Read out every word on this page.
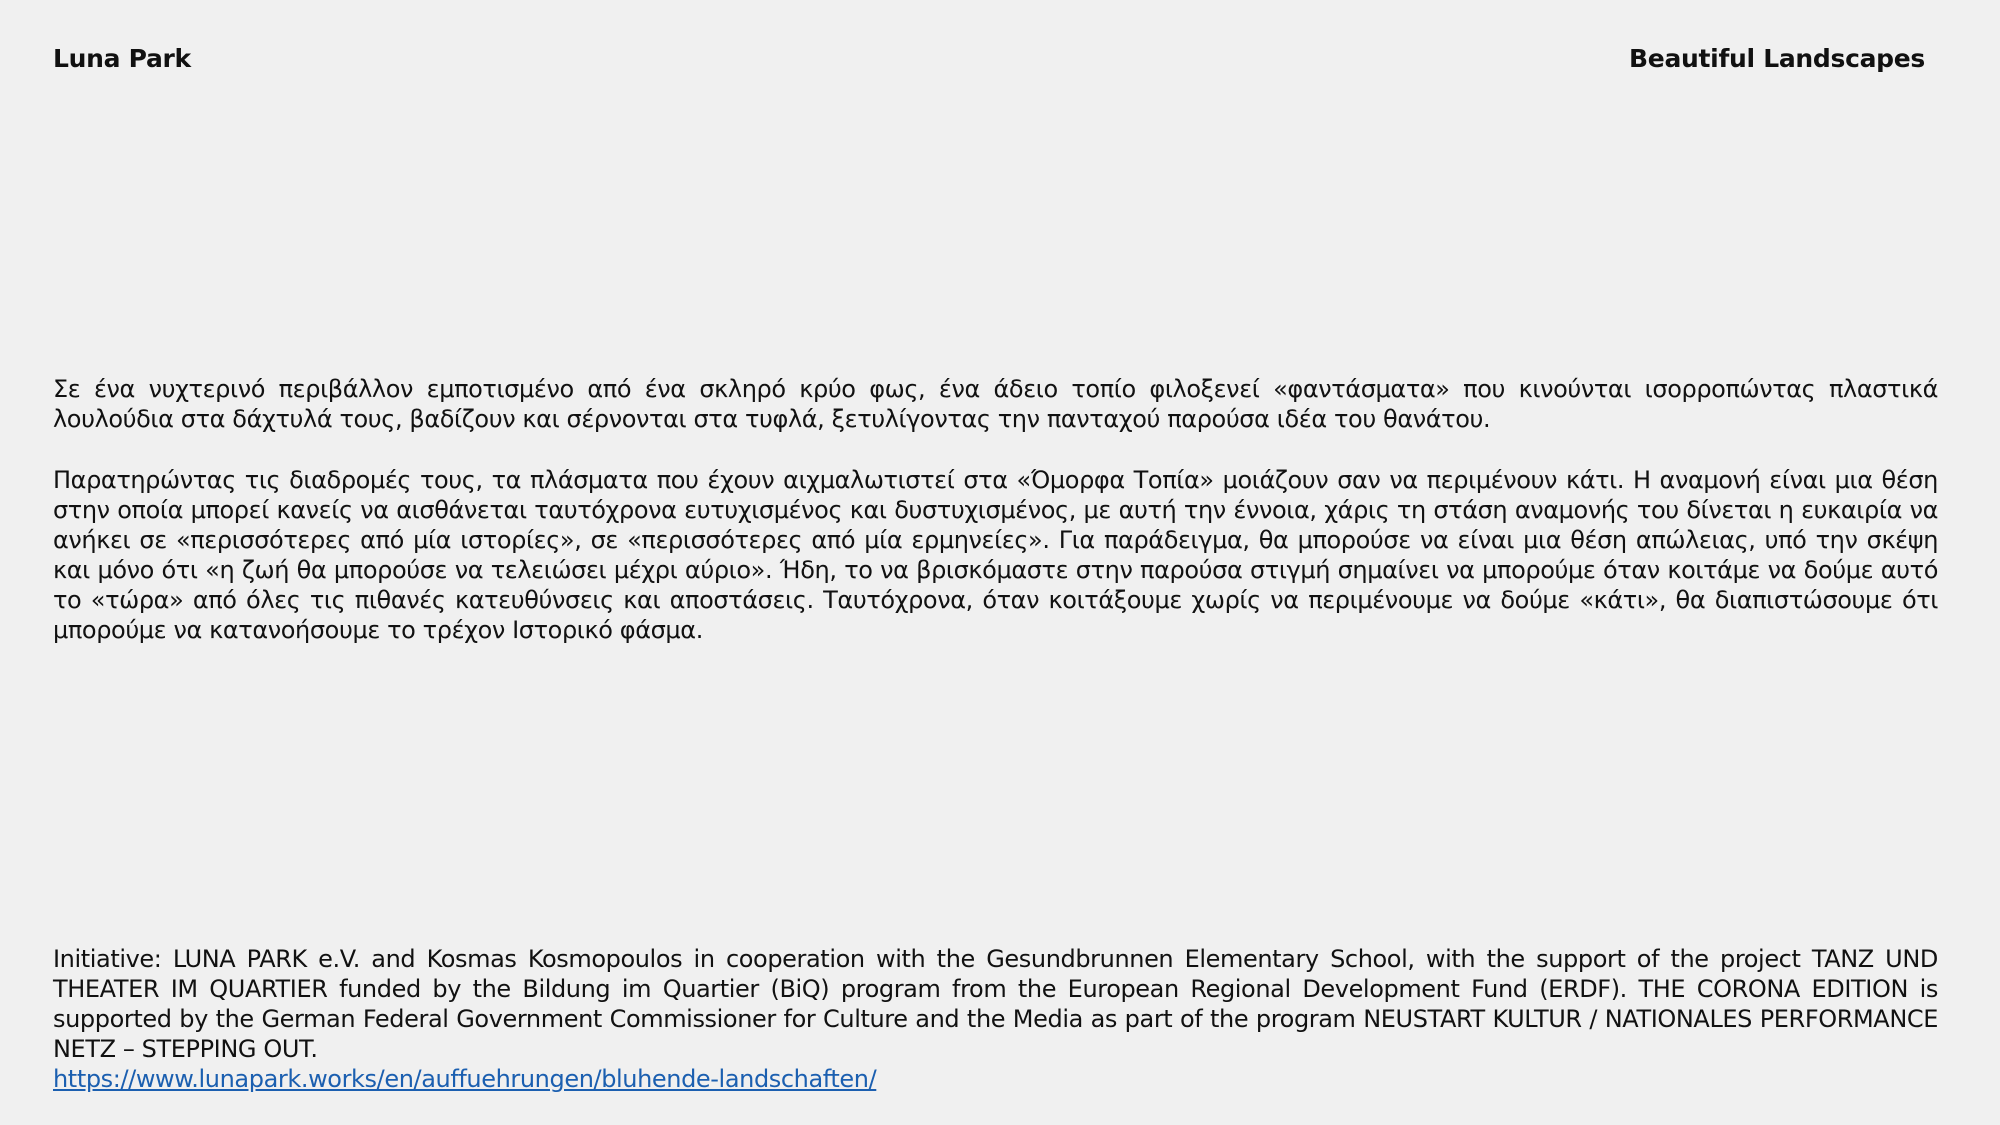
Luna Park	Beautiful Landscapes
Σε ένα νυχτερινό περιβάλλον εμποτισμένο από ένα σκληρό κρύο φως, ένα άδειο τοπίο φιλοξενεί «φαντάσματα» που κινούνται ισορροπώντας πλαστικά λουλούδια στα δάχτυλά τους, βαδίζουν και σέρνονται στα τυφλά, ξετυλίγοντας την πανταχού παρούσα ιδέα του θανάτου.
Παρατηρώντας τις διαδρομές τους, τα πλάσματα που έχουν αιχμαλωτιστεί στα «Όμορφα Τοπία» μοιάζουν σαν να περιμένουν κάτι. Η αναμονή είναι μια θέση στην οποία μπορεί κανείς να αισθάνεται ταυτόχρονα ευτυχισμένος και δυστυχισμένος, με αυτή την έννοια, χάρις τη στάση αναμονής του δίνεται η ευκαιρία να ανήκει σε «περισσότερες από μία ιστορίες», σε «περισσότερες από μία ερμηνείες». Για παράδειγμα, θα μπορούσε να είναι μια θέση απώλειας, υπό την σκέψη και μόνο ότι «η ζωή θα μπορούσε να τελειώσει μέχρι αύριο». Ήδη, το να βρισκόμαστε στην παρούσα στιγμή σημαίνει να μπορούμε όταν κοιτάμε να δούμε αυτό το «τώρα» από όλες τις πιθανές κατευθύνσεις και αποστάσεις. Ταυτόχρονα, όταν κοιτάξουμε χωρίς να περιμένουμε να δούμε «κάτι», θα διαπιστώσουμε ότι μπορούμε να κατανοήσουμε το τρέχον Ιστορικό φάσμα.
Initiative: LUNA PARK e.V. and Kosmas Kosmopoulos in cooperation with the Gesundbrunnen Elementary School, with the support of the project TANZ UND THEATER IM QUARTIER funded by the Bildung im Quartier (BiQ) program from the European Regional Development Fund (ERDF). THE CORONA EDITION is supported by the German Federal Government Commissioner for Culture and the Media as part of the program NEUSTART KULTUR / NATIONALES PERFORMANCE NETZ – STEPPING OUT.
https://www.lunapark.works/en/auffuehrungen/bluhende-landschaften/
